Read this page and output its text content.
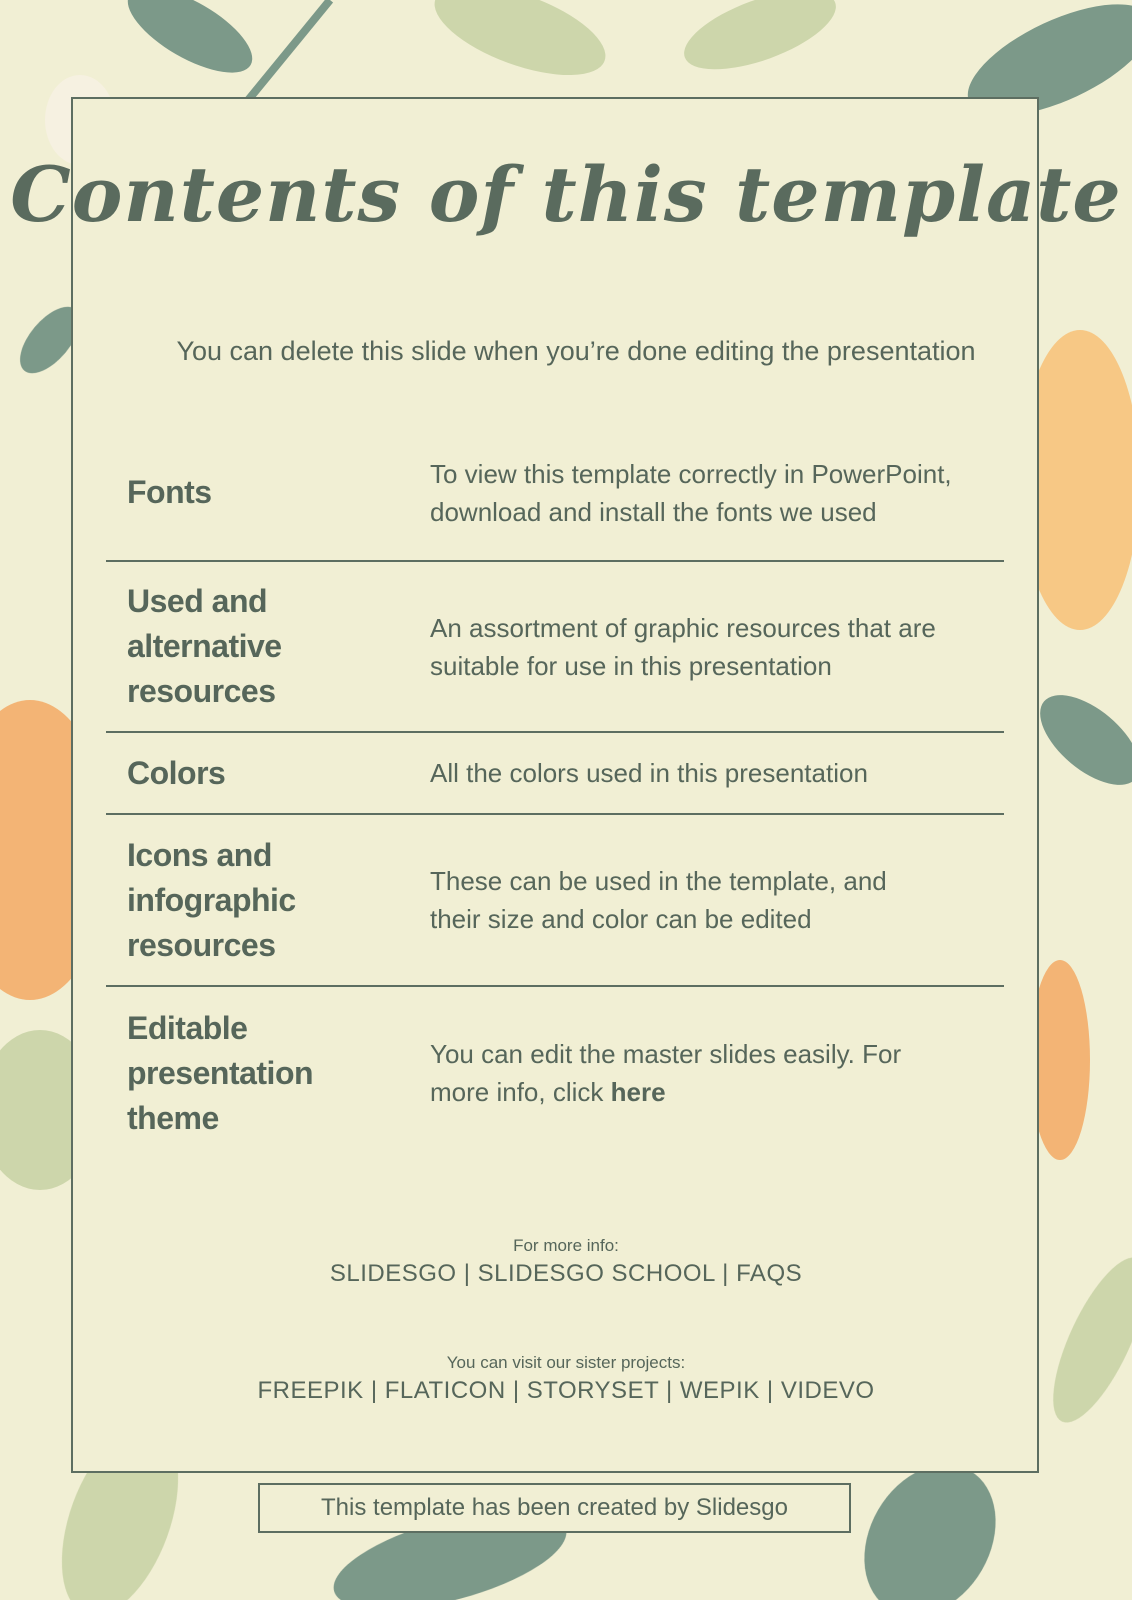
Contents of this template

You can delete this slide when you’re done editing the presentation

Fonts
To view this template correctly in PowerPoint, download and install the fonts we used
Used and alternative resources
An assortment of graphic resources that are suitable for use in this presentation
Colors	All the colors used in this presentation
Icons and infographic resources
These can be used in the template, and their size and color can be edited
Editable presentation theme
You can edit the master slides easily. For more info, click here
For more info:
SLIDESGO | SLIDESGO SCHOOL | FAQS
You can visit our sister projects:
FREEPIK | FLATICON | STORYSET | WEPIK | VIDEVO
This template has been created by Slidesgo
